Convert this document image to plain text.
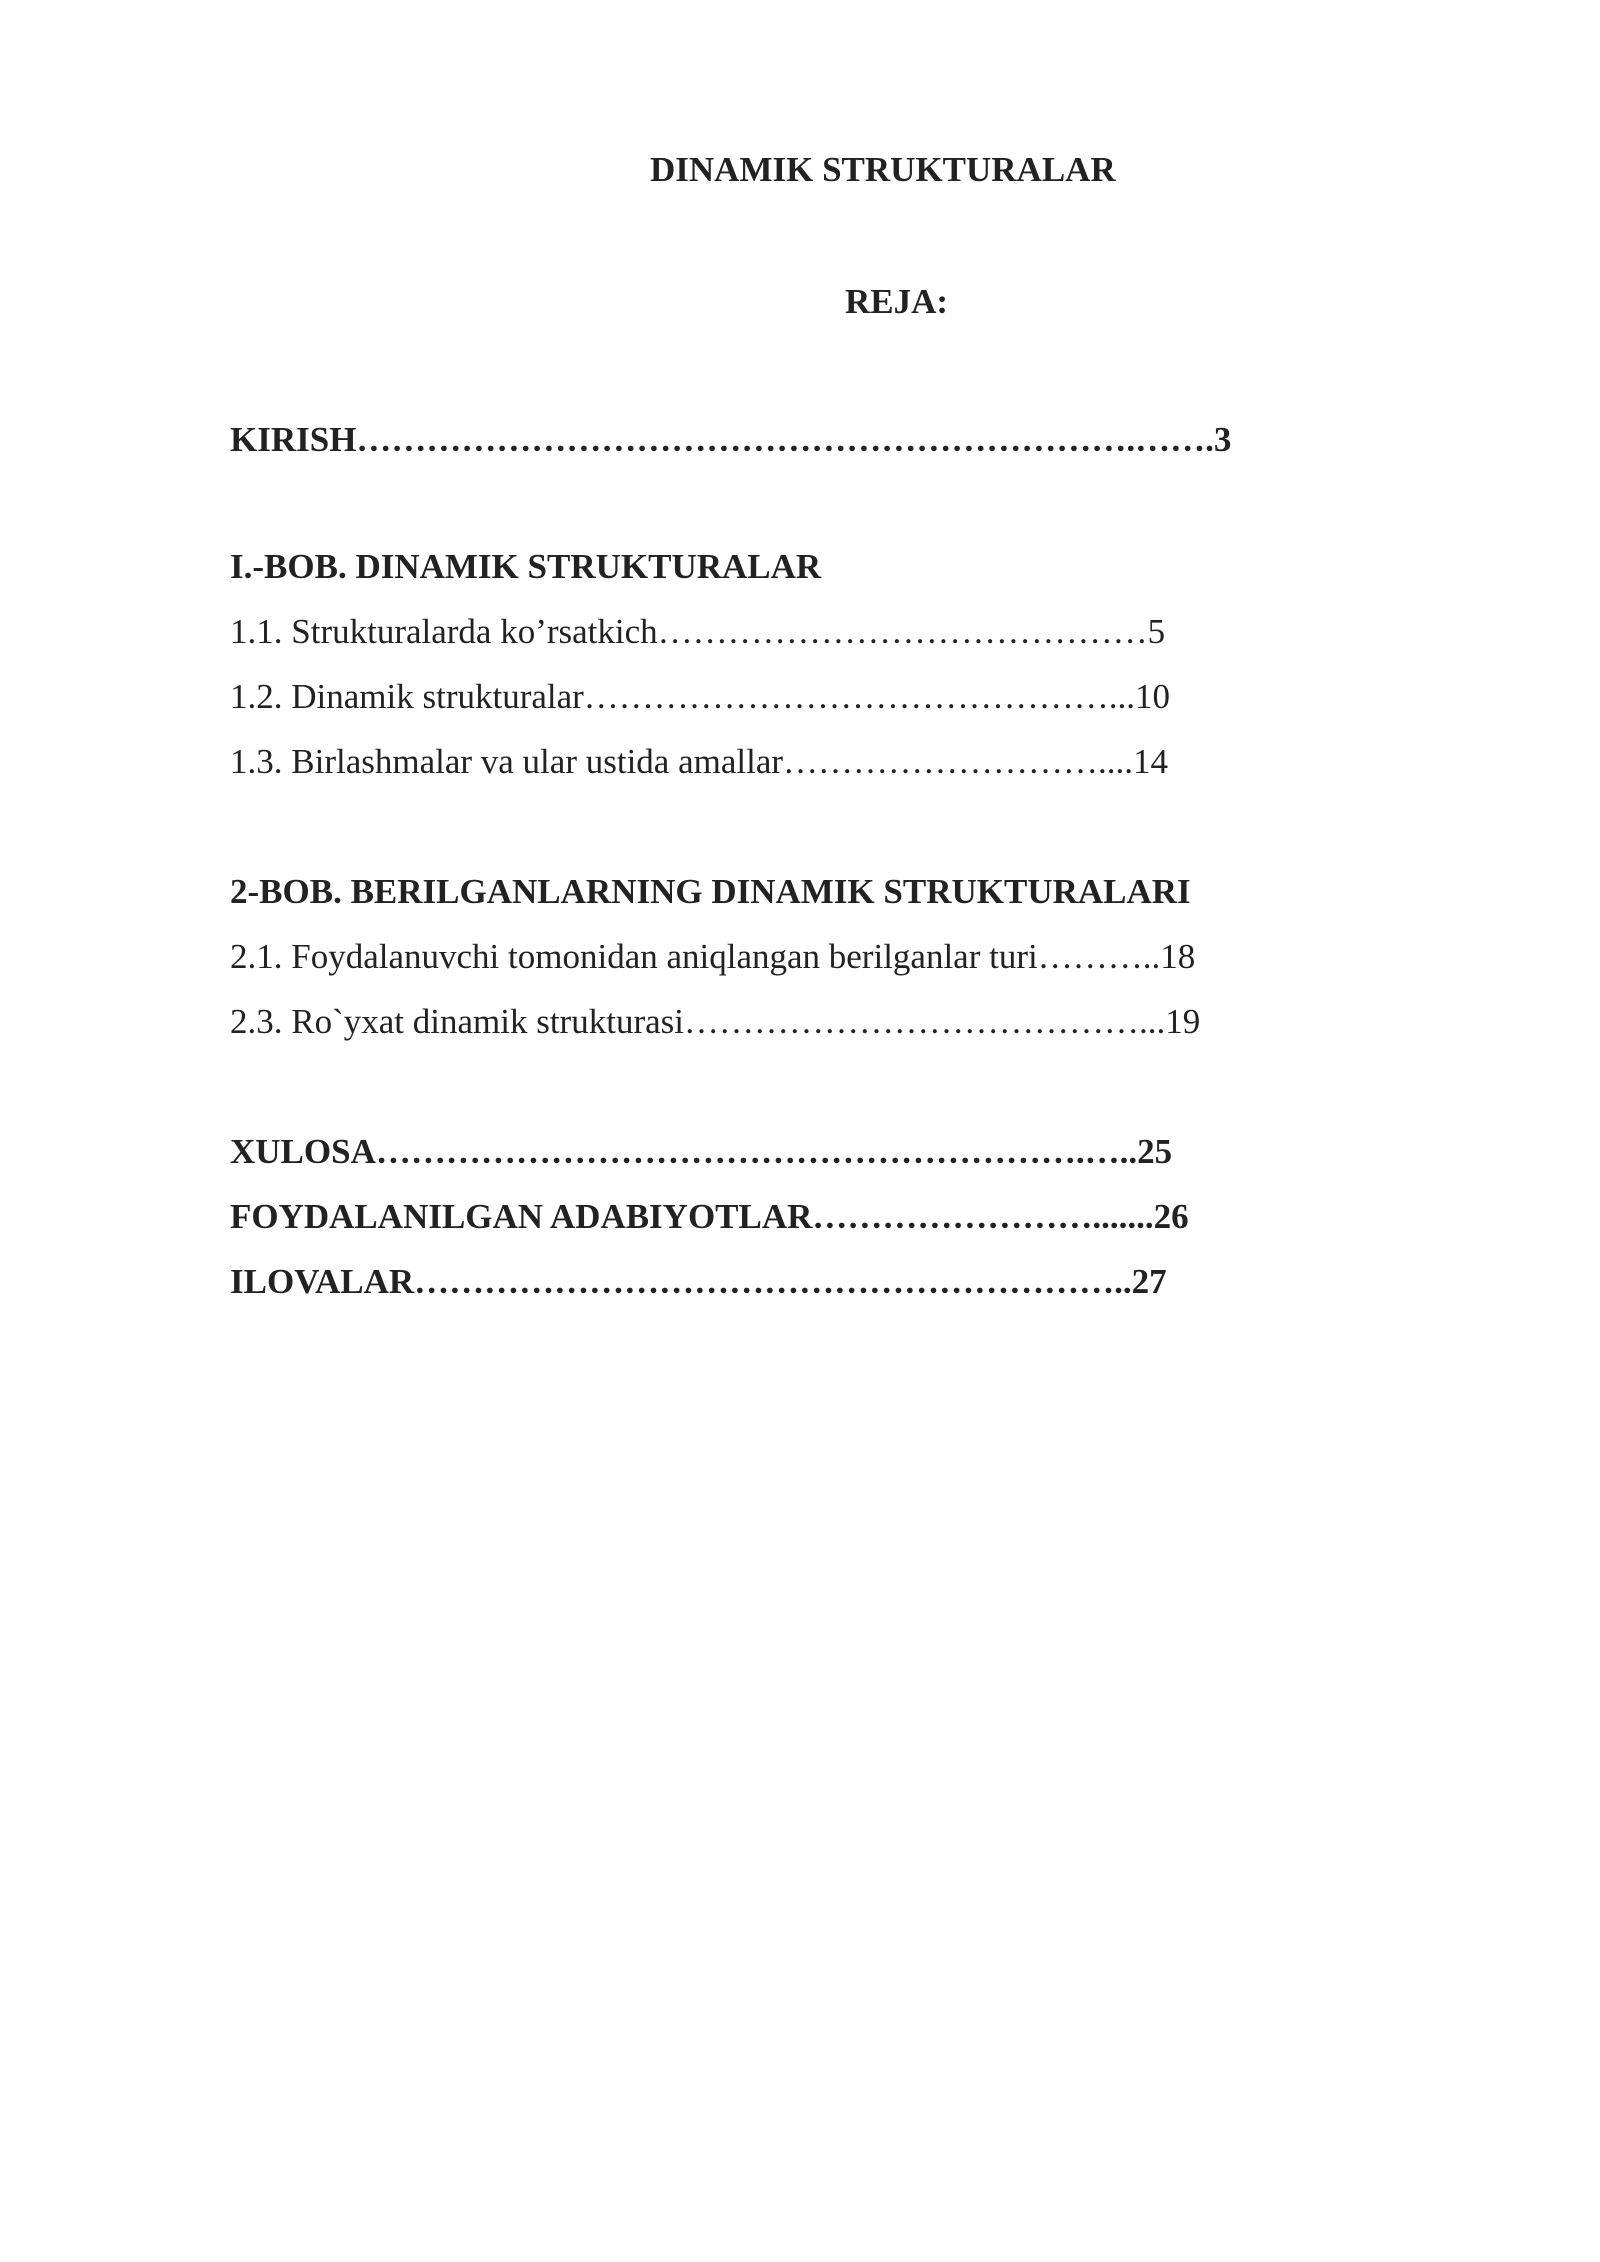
DINAMIK STRUKTURALAR
REJA:

KIRISH………………………………………………………….…….3

I.-BOB. DINAMIK STRUKTURALAR

1.1. Strukturalarda ko’rsatkich……………………………………5

1.2. Dinamik strukturalar………………………………………...10

1.3. Birlashmalar va ular ustida amallar………………………....14

2-BOB. BERILGANLARNING DINAMIK STRUKTURALARI

2.1. Foydalanuvchi tomonidan aniqlangan berilganlar turi………..18

2.3. Ro`yxat dinamik strukturasi…………………………………...19

XULOSA…………………………………………………….…..25

FOYDALANILGAN ADABIYOTLAR…………………….......26

ILOVALAR……………………………………………………..27
